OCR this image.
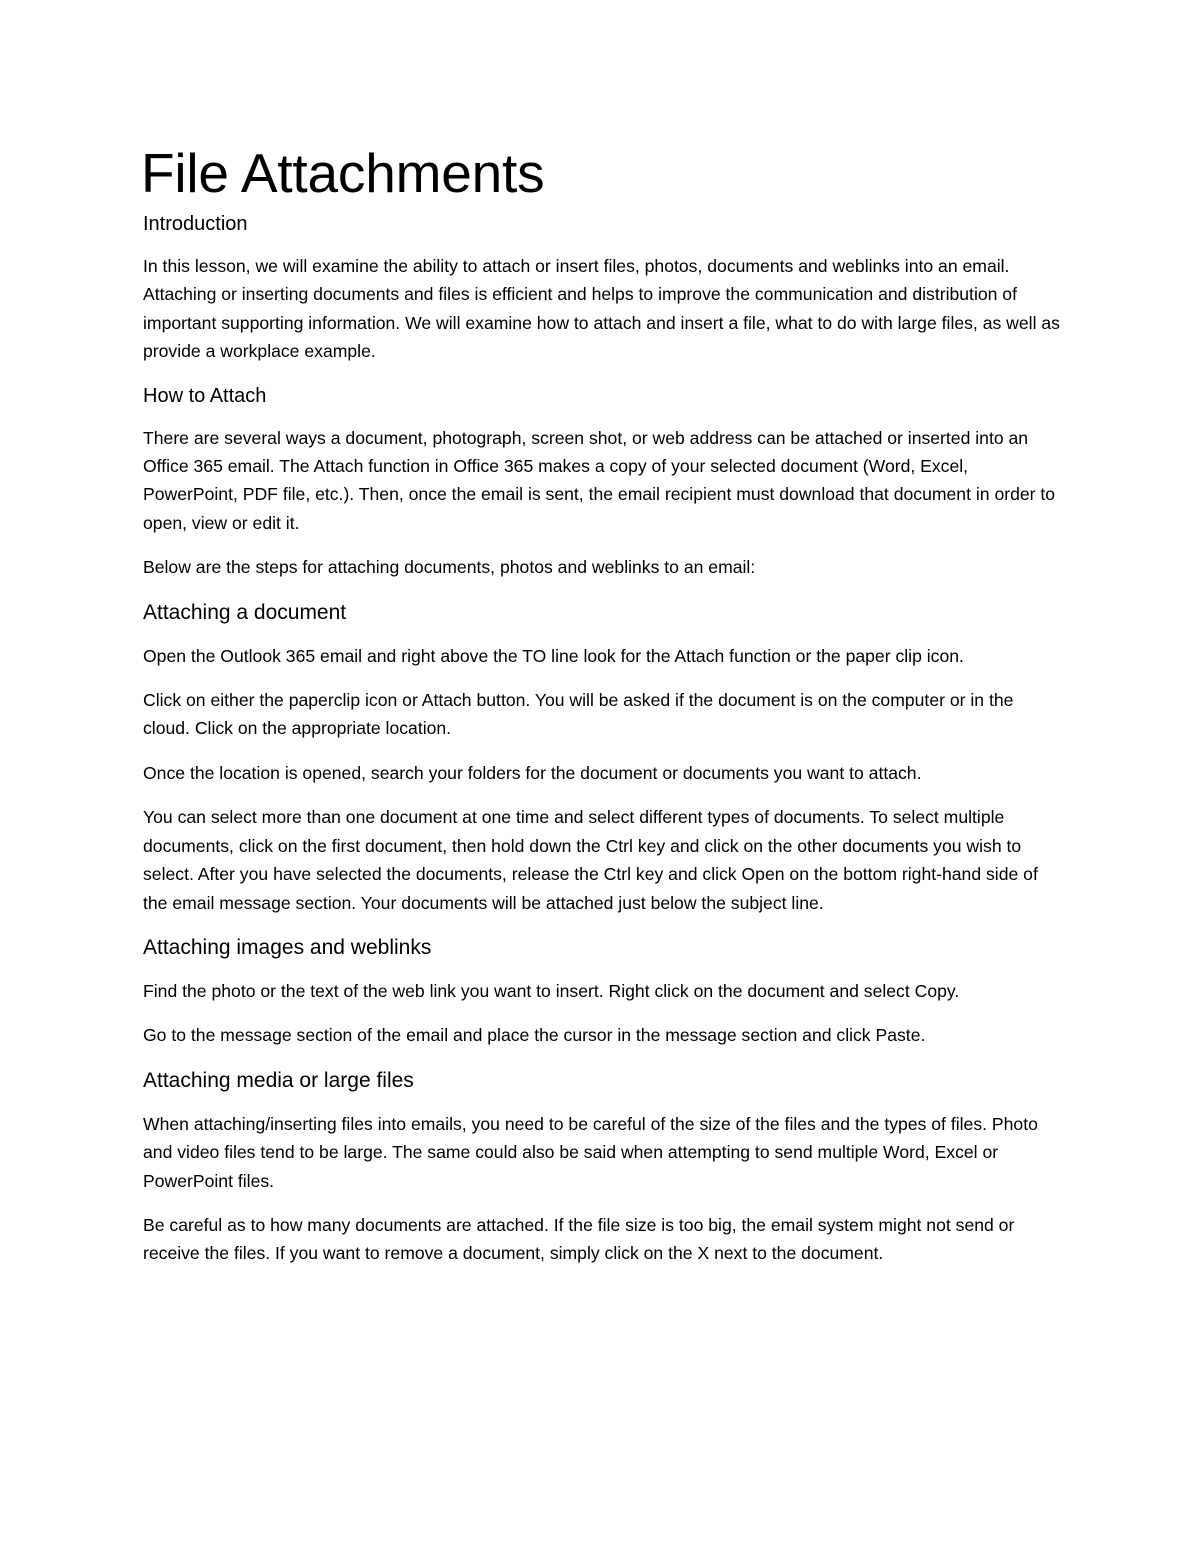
File Attachments
Introduction

In this lesson, we will examine the ability to attach or insert files, photos, documents and weblinks into an email. Attaching or inserting documents and files is efficient and helps to improve the communication and distribution of important supporting information. We will examine how to attach and insert a file, what to do with large files, as well as provide a workplace example.

How to Attach

There are several ways a document, photograph, screen shot, or web address can be attached or inserted into an Office 365 email. The Attach function in Office 365 makes a copy of your selected document (Word, Excel, PowerPoint, PDF file, etc.). Then, once the email is sent, the email recipient must download that document in order to open, view or edit it.

Below are the steps for attaching documents, photos and weblinks to an email:

Attaching a document

Open the Outlook 365 email and right above the TO line look for the Attach function or the paper clip icon.

Click on either the paperclip icon or Attach button. You will be asked if the document is on the computer or in the cloud. Click on the appropriate location.

Once the location is opened, search your folders for the document or documents you want to attach.

You can select more than one document at one time and select different types of documents. To select multiple documents, click on the first document, then hold down the Ctrl key and click on the other documents you wish to select. After you have selected the documents, release the Ctrl key and click Open on the bottom right-hand side of the email message section. Your documents will be attached just below the subject line.

Attaching images and weblinks

Find the photo or the text of the web link you want to insert. Right click on the document and select Copy.

Go to the message section of the email and place the cursor in the message section and click Paste.

Attaching media or large files

When attaching/inserting files into emails, you need to be careful of the size of the files and the types of files. Photo and video files tend to be large. The same could also be said when attempting to send multiple Word, Excel or PowerPoint files.

Be careful as to how many documents are attached. If the file size is too big, the email system might not send or receive the files. If you want to remove a document, simply click on the X next to the document.
